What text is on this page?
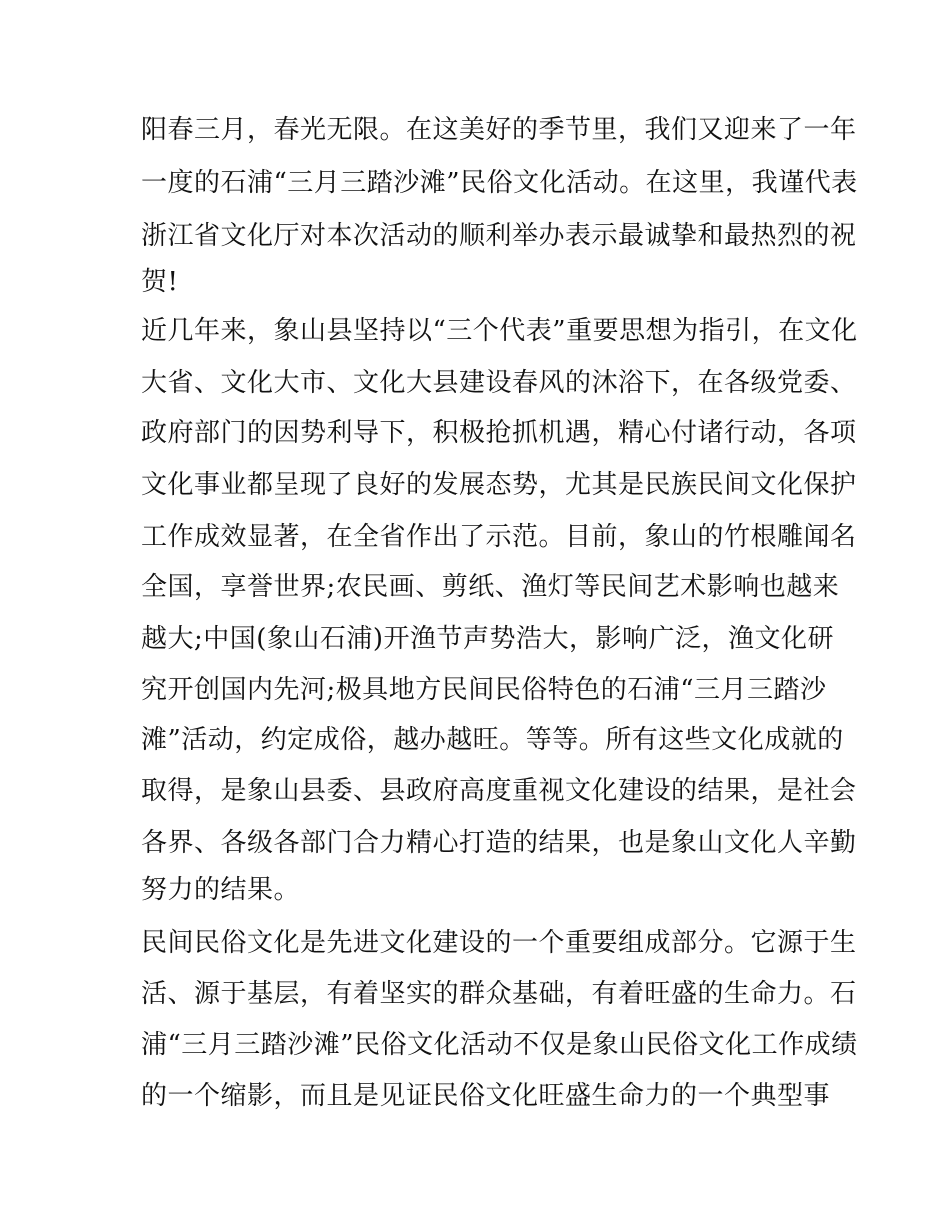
阳春三月，春光无限。在这美好的季节里，我们又迎来了一年
一度的石浦“三月三踏沙滩”民俗文化活动。在这里，我谨代表
浙江省文化厅对本次活动的顺利举办表示最诚挚和最热烈的祝
贺!
近几年来，象山县坚持以“三个代表”重要思想为指引，在文化
大省、文化大市、文化大县建设春风的沐浴下，在各级党委、
政府部门的因势利导下，积极抢抓机遇，精心付诸行动，各项
文化事业都呈现了良好的发展态势，尤其是民族民间文化保护
工作成效显著，在全省作出了示范。目前，象山的竹根雕闻名
全国，享誉世界;农民画、剪纸、渔灯等民间艺术影响也越来
越大;中国(象山石浦)开渔节声势浩大，影响广泛，渔文化研
究开创国内先河;极具地方民间民俗特色的石浦“三月三踏沙
滩”活动，约定成俗，越办越旺。等等。所有这些文化成就的
取得，是象山县委、县政府高度重视文化建设的结果，是社会
各界、各级各部门合力精心打造的结果，也是象山文化人辛勤
努力的结果。
民间民俗文化是先进文化建设的一个重要组成部分。它源于生
活、源于基层，有着坚实的群众基础，有着旺盛的生命力。石
浦“三月三踏沙滩”民俗文化活动不仅是象山民俗文化工作成绩
的一个缩影，而且是见证民俗文化旺盛生命力的一个典型事
